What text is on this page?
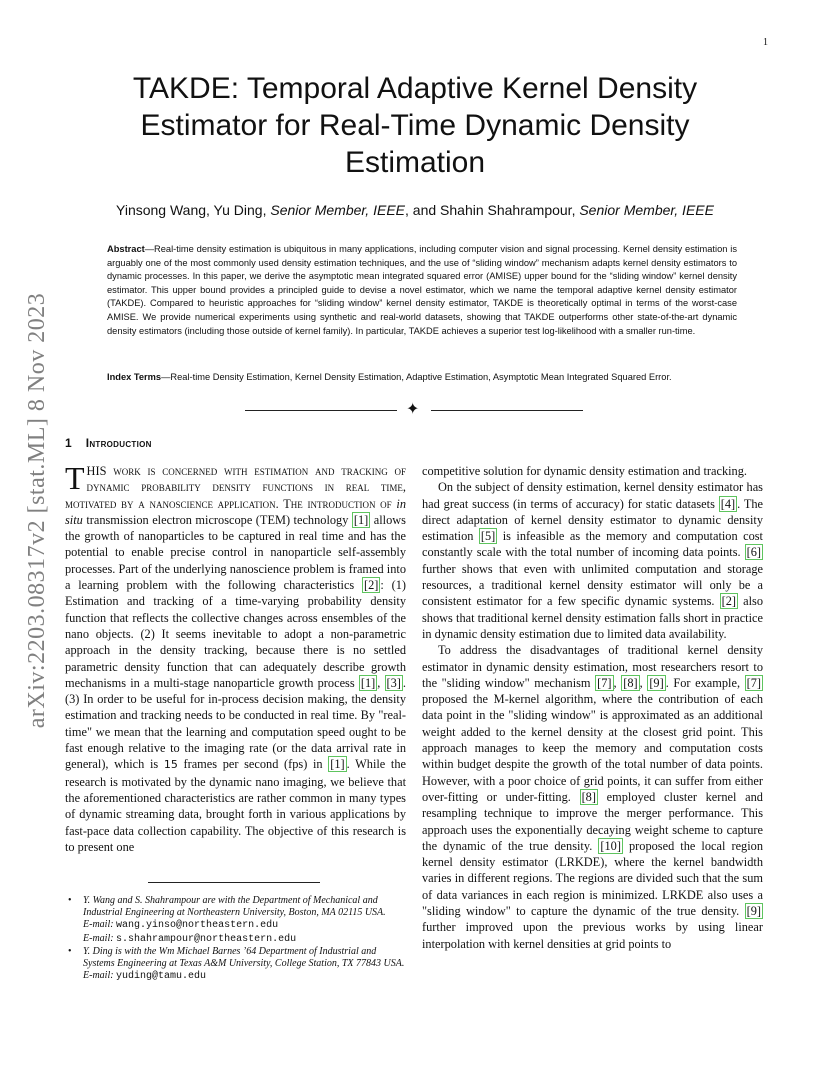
1
arXiv:2203.08317v2 [stat.ML] 8 Nov 2023
TAKDE: Temporal Adaptive Kernel Density Estimator for Real-Time Dynamic Density Estimation
Yinsong Wang, Yu Ding, Senior Member, IEEE, and Shahin Shahrampour, Senior Member, IEEE

Abstract—Real-time density estimation is ubiquitous in many applications, including computer vision and signal processing. Kernel density estimation is arguably one of the most commonly used density estimation techniques, and the use of “sliding window” mechanism adapts kernel density estimators to dynamic processes. In this paper, we derive the asymptotic mean integrated squared error (AMISE) upper bound for the “sliding window” kernel density estimator. This upper bound provides a principled guide to devise a novel estimator, which we name the temporal adaptive kernel density estimator (TAKDE). Compared to heuristic approaches for “sliding window” kernel density estimator, TAKDE is theoretically optimal in terms of the worst-case AMISE. We provide numerical experiments using synthetic and real-world datasets, showing that TAKDE outperforms other state-of-the-art dynamic density estimators (including those outside of kernel family). In particular, TAKDE achieves a superior test log-likelihood with a smaller run-time.

Index Terms—Real-time Density Estimation, Kernel Density Estimation, Adaptive Estimation, Asymptotic Mean Integrated Squared Error.
✦
1 Introduction

THIS work is concerned with estimation and tracking of dynamic probability density functions in real time, motivated by a nanoscience application. The introduction of in situ transmission electron microscope (TEM) technology [1] allows the growth of nanoparticles to be captured in real time and has the potential to enable precise control in nanoparticle self-assembly processes. Part of the underlying nanoscience problem is framed into a learning problem with the following characteristics [2] : (1) Estimation and tracking of a time-varying probability density function that reflects the collective changes across ensembles of the nano objects. (2) It seems inevitable to adopt a non-parametric approach in the density tracking, because there is no settled parametric density function that can adequately describe growth mechanisms in a multi-stage nanoparticle growth process [1] , [3] . (3) In order to be useful for in-process decision making, the density estimation and tracking needs to be conducted in real time. By "real-time" we mean that the learning and computation speed ought to be fast enough relative to the imaging rate (or the data arrival rate in general), which is 15 frames per second (fps) in [1] . While the research is motivated by the dynamic nano imaging, we believe that the aforementioned characteristics are rather common in many types of dynamic streaming data, brought forth in various applications by fast-pace data collection capability. The objective of this research is to present one

competitive solution for dynamic density estimation and tracking.

On the subject of density estimation, kernel density estimator has had great success (in terms of accuracy) for static datasets [4] . The direct adaptation of kernel density estimator to dynamic density estimation [5] is infeasible as the memory and computation cost constantly scale with the total number of incoming data points. [6] further shows that even with unlimited computation and storage resources, a traditional kernel density estimator will only be a consistent estimator for a few specific dynamic systems. [2] also shows that traditional kernel density estimation falls short in practice in dynamic density estimation due to limited data availability.

To address the disadvantages of traditional kernel density estimator in dynamic density estimation, most researchers resort to the "sliding window" mechanism [7] , [8] , [9] . For example, [7] proposed the M-kernel algorithm, where the contribution of each data point in the "sliding window" is approximated as an additional weight added to the kernel density at the closest grid point. This approach manages to keep the memory and computation costs within budget despite the growth of the total number of data points. However, with a poor choice of grid points, it can suffer from either over-fitting or under-fitting. [8] employed cluster kernel and resampling technique to improve the merger performance. This approach uses the exponentially decaying weight scheme to capture the dynamic of the true density. [10] proposed the local region kernel density estimator (LRKDE), where the kernel bandwidth varies in different regions. The regions are divided such that the sum of data variances in each region is minimized. LRKDE also uses a "sliding window" to capture the dynamic of the true density. [9] further improved upon the previous works by using linear interpolation with kernel densities at grid points to

• Y. Wang and S. Shahrampour are with the Department of Mechanical and Industrial Engineering at Northeastern University, Boston, MA 02115 USA.

E-mail: wang.yinso@northeastern.edu

E-mail: s.shahrampour@northeastern.edu

• Y. Ding is with the Wm Michael Barnes ’64 Department of Industrial and Systems Engineering at Texas A&M University, College Station, TX 77843 USA.

E-mail: yuding@tamu.edu
